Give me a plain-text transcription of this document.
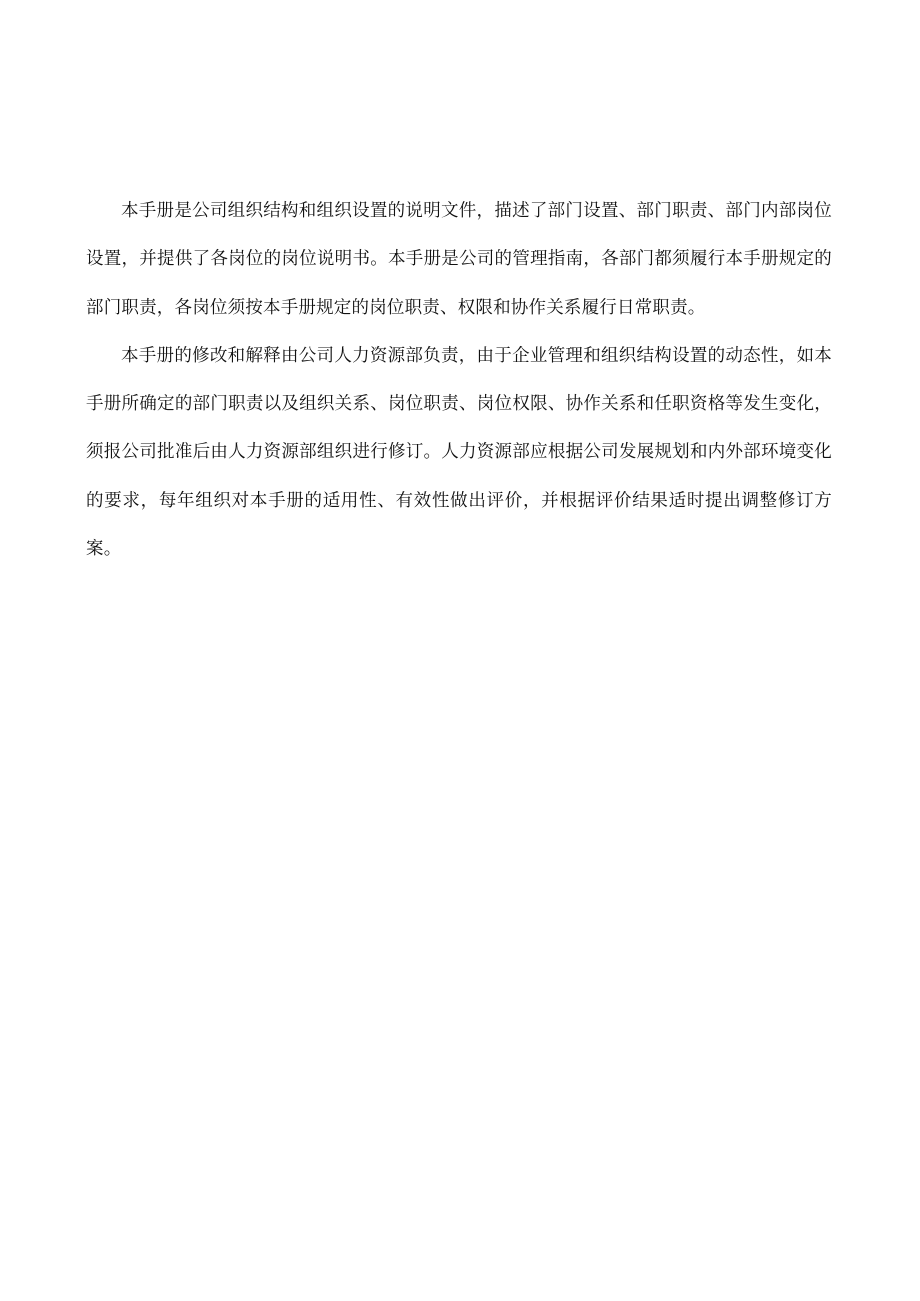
本手册是公司组织结构和组织设置的说明文件，描述了部门设置、部门职责、部门内部岗位设置，并提供了各岗位的岗位说明书。本手册是公司的管理指南，各部门都须履行本手册规定的部门职责，各岗位须按本手册规定的岗位职责、权限和协作关系履行日常职责。

本手册的修改和解释由公司人力资源部负责，由于企业管理和组织结构设置的动态性，如本手册所确定的部门职责以及组织关系、岗位职责、岗位权限、协作关系和任职资格等发生变化，须报公司批准后由人力资源部组织进行修订。人力资源部应根据公司发展规划和内外部环境变化的要求，每年组织对本手册的适用性、有效性做出评价，并根据评价结果适时提出调整修订方案。
